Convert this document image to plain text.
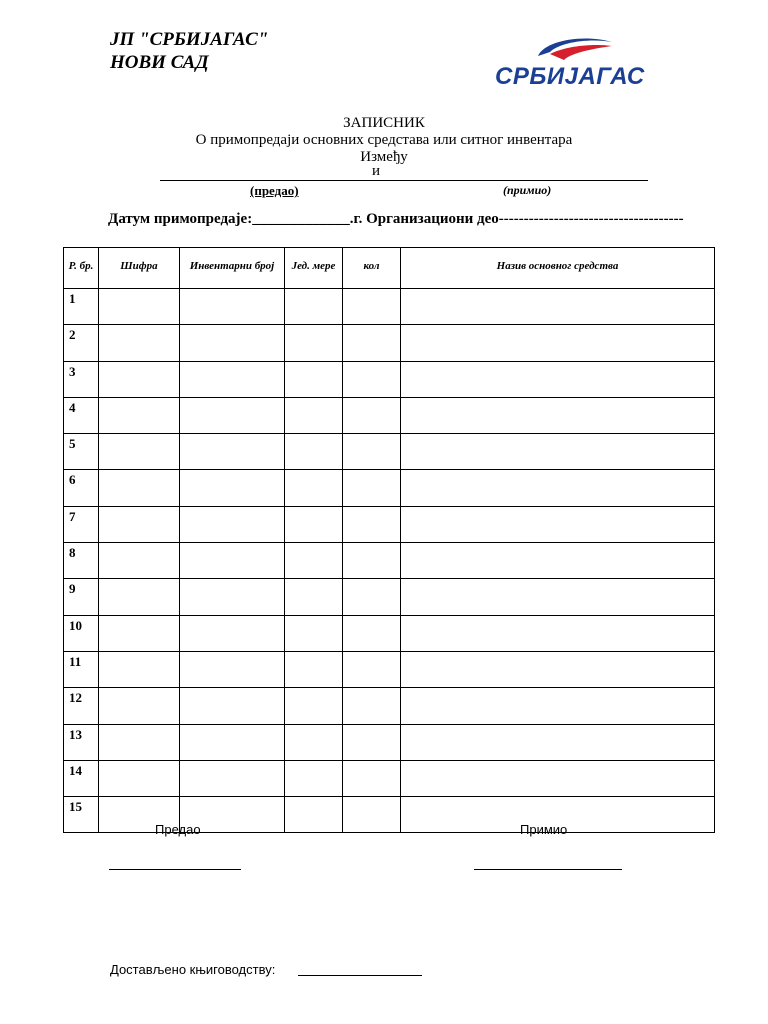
ЈП "СРБИЈАГАС"
НОВИ САД
СРБИЈАГАС
ЗАПИСНИК
О примопредаји основних средстава или ситног инвентара
Између
и
(предао)	(примио)
Датум примопредаје:_____________.г. Организациони део-------------------------------------
Р. бр.	Шифра	Инвентарни број	Јед. мере	кол	Назив основног средства
1					
2					
3					
4					
5					
6					
7					
8					
9					
10					
11					
12					
13					
14					
15					
Предао	Примио
Достављено књиговодству:
